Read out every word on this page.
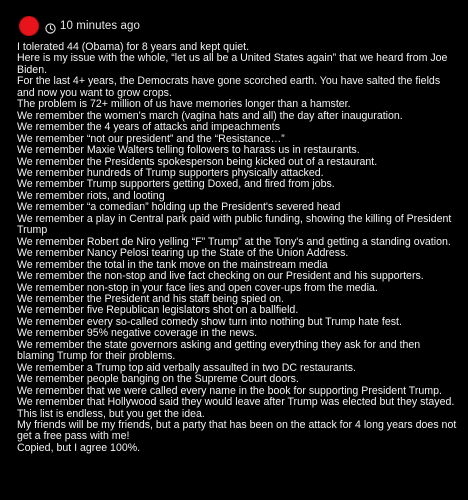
10 minutes ago

I tolerated 44 (Obama) for 8 years and kept quiet.

Here is my issue with the whole, “let us all be a United States again” that we heard from Joe Biden.

For the last 4+ years, the Democrats have gone scorched earth. You have salted the fields and now you want to grow crops.

The problem is 72+ million of us have memories longer than a hamster.

We remember the women's march (vagina hats and all) the day after inauguration.

We remember the 4 years of attacks and impeachments

We remember “not our president” and the “Resistance…”

We remember Maxie Walters telling followers to harass us in restaurants.

We remember the Presidents spokesperson being kicked out of a restaurant.

We remember hundreds of Trump supporters physically attacked.

We remember Trump supporters getting Doxed, and fired from jobs.

We remember riots, and looting

We remember “a comedian” holding up the President's severed head

We remember a play in Central park paid with public funding, showing the killing of President Trump

We remember Robert de Niro yelling “F” Trump” at the Tony's and getting a standing ovation.

We remember Nancy Pelosi tearing up the State of the Union Address.

We remember the total in the tank move on the mainstream media

We remember the non-stop and live fact checking on our President and his supporters.

We remember non-stop in your face lies and open cover-ups from the media.

We remember the President and his staff being spied on.

We remember five Republican legislators shot on a ballfield.

We remember every so-called comedy show turn into nothing but Trump hate fest.

We remember 95% negative coverage in the news.

We remember the state governors asking and getting everything they ask for and then blaming Trump for their problems.

We remember a Trump top aid verbally assaulted in two DC restaurants.

We remember people banging on the Supreme Court doors.

We remember that we were called every name in the book for supporting President Trump.

We remember that Hollywood said they would leave after Trump was elected but they stayed.

This list is endless, but you get the idea.

My friends will be my friends, but a party that has been on the attack for 4 long years does not get a free pass with me!

Copied, but I agree 100%.
